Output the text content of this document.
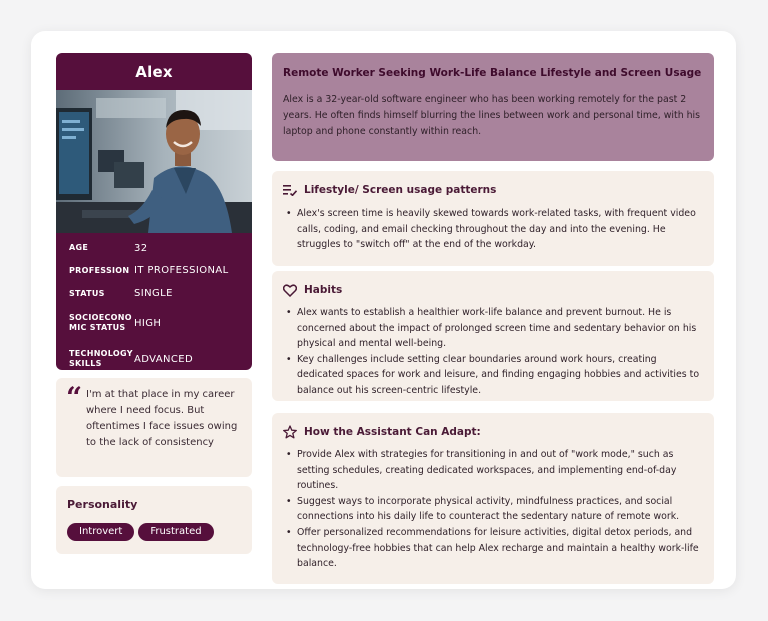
Alex
AGE	32
PROFESSION IT PROFESSIONAL
STATUS	SINGLE
SOCIOECONO MIC STATUS HIGH
TECHNOLOGY SKILLS	ADVANCED
“ I'm at that place in my career where I need focus. But oftentimes I face issues owing to the lack of consistency
Personality
Introvert	Frustrated
Remote Worker Seeking Work-Life Balance Lifestyle and Screen Usage
Alex is a 32-year-old software engineer who has been working remotely for the past 2 years. He often finds himself blurring the lines between work and personal time, with his laptop and phone constantly within reach.
Lifestyle/ Screen usage patterns
• Alex's screen time is heavily skewed towards work-related tasks, with frequent video calls, coding, and email checking throughout the day and into the evening. He struggles to "switch off" at the end of the workday.
Habits
• Alex wants to establish a healthier work-life balance and prevent burnout. He is concerned about the impact of prolonged screen time and sedentary behavior on his physical and mental well-being.
• Key challenges include setting clear boundaries around work hours, creating dedicated spaces for work and leisure, and finding engaging hobbies and activities to balance out his screen-centric lifestyle.
How the Assistant Can Adapt:
• Provide Alex with strategies for transitioning in and out of "work mode," such as setting schedules, creating dedicated workspaces, and implementing end-of-day routines.
• Suggest ways to incorporate physical activity, mindfulness practices, and social connections into his daily life to counteract the sedentary nature of remote work.
• Offer personalized recommendations for leisure activities, digital detox periods, and technology-free hobbies that can help Alex recharge and maintain a healthy work-life balance.
